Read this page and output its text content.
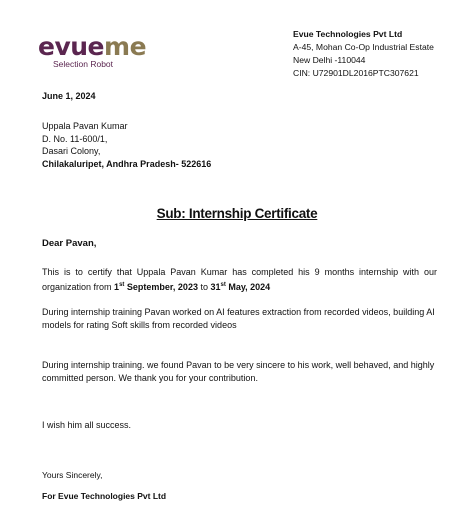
evueme
Selection Robot
Evue Technologies Pvt Ltd
A-45, Mohan Co-Op Industrial Estate
New Delhi -110044
CIN: U72901DL2016PTC307621
June 1, 2024
Uppala Pavan Kumar
D. No. 11-600/1,
Dasari Colony,
Chilakaluripet, Andhra Pradesh- 522616
Sub: Internship Certificate
Dear Pavan,
This is to certify that Uppala Pavan Kumar has completed his 9 months internship with our organization from 1st September, 2023 to 31st May, 2024
During internship training Pavan worked on AI features extraction from recorded videos, building AI models for rating Soft skills from recorded videos
During internship training. we found Pavan to be very sincere to his work, well behaved, and highly committed person. We thank you for your contribution.
I wish him all success.
Yours Sincerely,
For Evue Technologies Pvt Ltd
